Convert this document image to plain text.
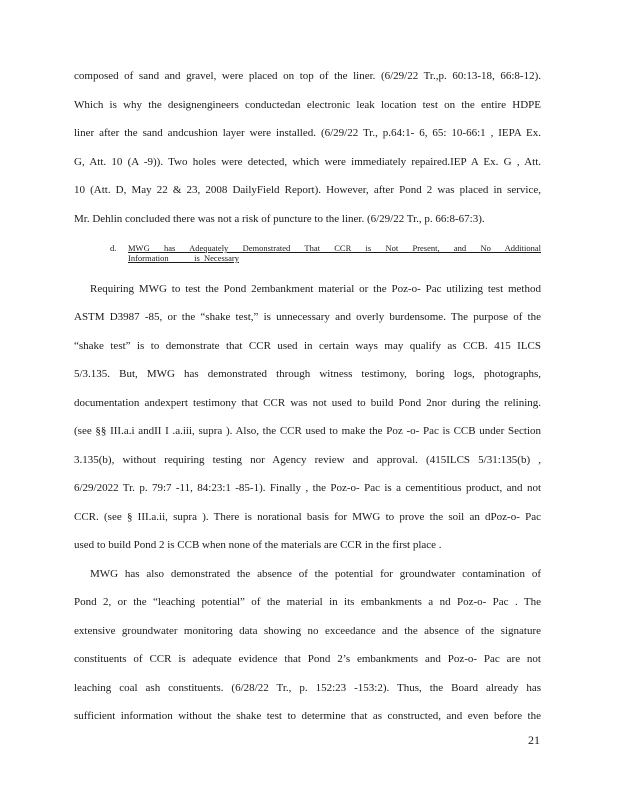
composed of sand and gravel, were placed on top of the liner. (6/29/22 Tr.,p. 60:13-18, 66:8-12).
Which is why the designengineers conductedan electronic leak location test on the entire HDPE
liner after the sand andcushion layer were installed. (6/29/22 Tr., p.64:1- 6, 65: 10-66:1 , IEPA Ex.
G, Att. 10 (A -9)). Two holes were detected, which were immediately repaired.IEP A Ex. G , Att.
10 (Att. D, May 22 & 23, 2008 DailyField Report). However, after Pond 2 was placed in service,
Mr. Dehlin concluded there was not a risk of puncture to the liner. (6/29/22 Tr., p. 66:8-67:3).
d.	MWG has Adequately Demonstrated That CCR is Not Present, and No Additional
Information            is  Necessary
Requiring MWG to test the Pond 2embankment material or the Poz-o- Pac utilizing test method
ASTM D3987 -85, or the “shake test,” is unnecessary and overly burdensome. The purpose of the
“shake test” is to demonstrate that CCR used in certain ways may qualify as CCB. 415 ILCS
5/3.135. But, MWG has demonstrated through witness testimony, boring logs, photographs,
documentation andexpert testimony that CCR was not used to build Pond 2nor during the relining.
(see §§ III.a.i andII I .a.iii, supra ). Also, the CCR used to make the Poz -o- Pac is CCB under Section
3.135(b), without requiring testing nor Agency review and approval. (415ILCS 5/31:135(b) ,
6/29/2022 Tr. p. 79:7 -11, 84:23:1 -85-1). Finally , the Poz-o- Pac is a cementitious product, and not
CCR. (see § III.a.ii, supra ). There is norational basis for MWG to prove the soil an dPoz-o- Pac
used to build Pond 2 is CCB when none of the materials are CCR in the first place .
MWG has also demonstrated the absence of the potential for groundwater contamination of
Pond 2, or the “leaching potential” of the material in its embankments a nd Poz-o- Pac . The
extensive groundwater monitoring data showing no exceedance and the absence of the signature
constituents of CCR is adequate evidence that Pond 2’s embankments and Poz-o- Pac are not
leaching coal ash constituents. (6/28/22 Tr., p. 152:23 -153:2). Thus, the Board already has
sufficient information without the shake test to determine that as constructed, and even before the
21
